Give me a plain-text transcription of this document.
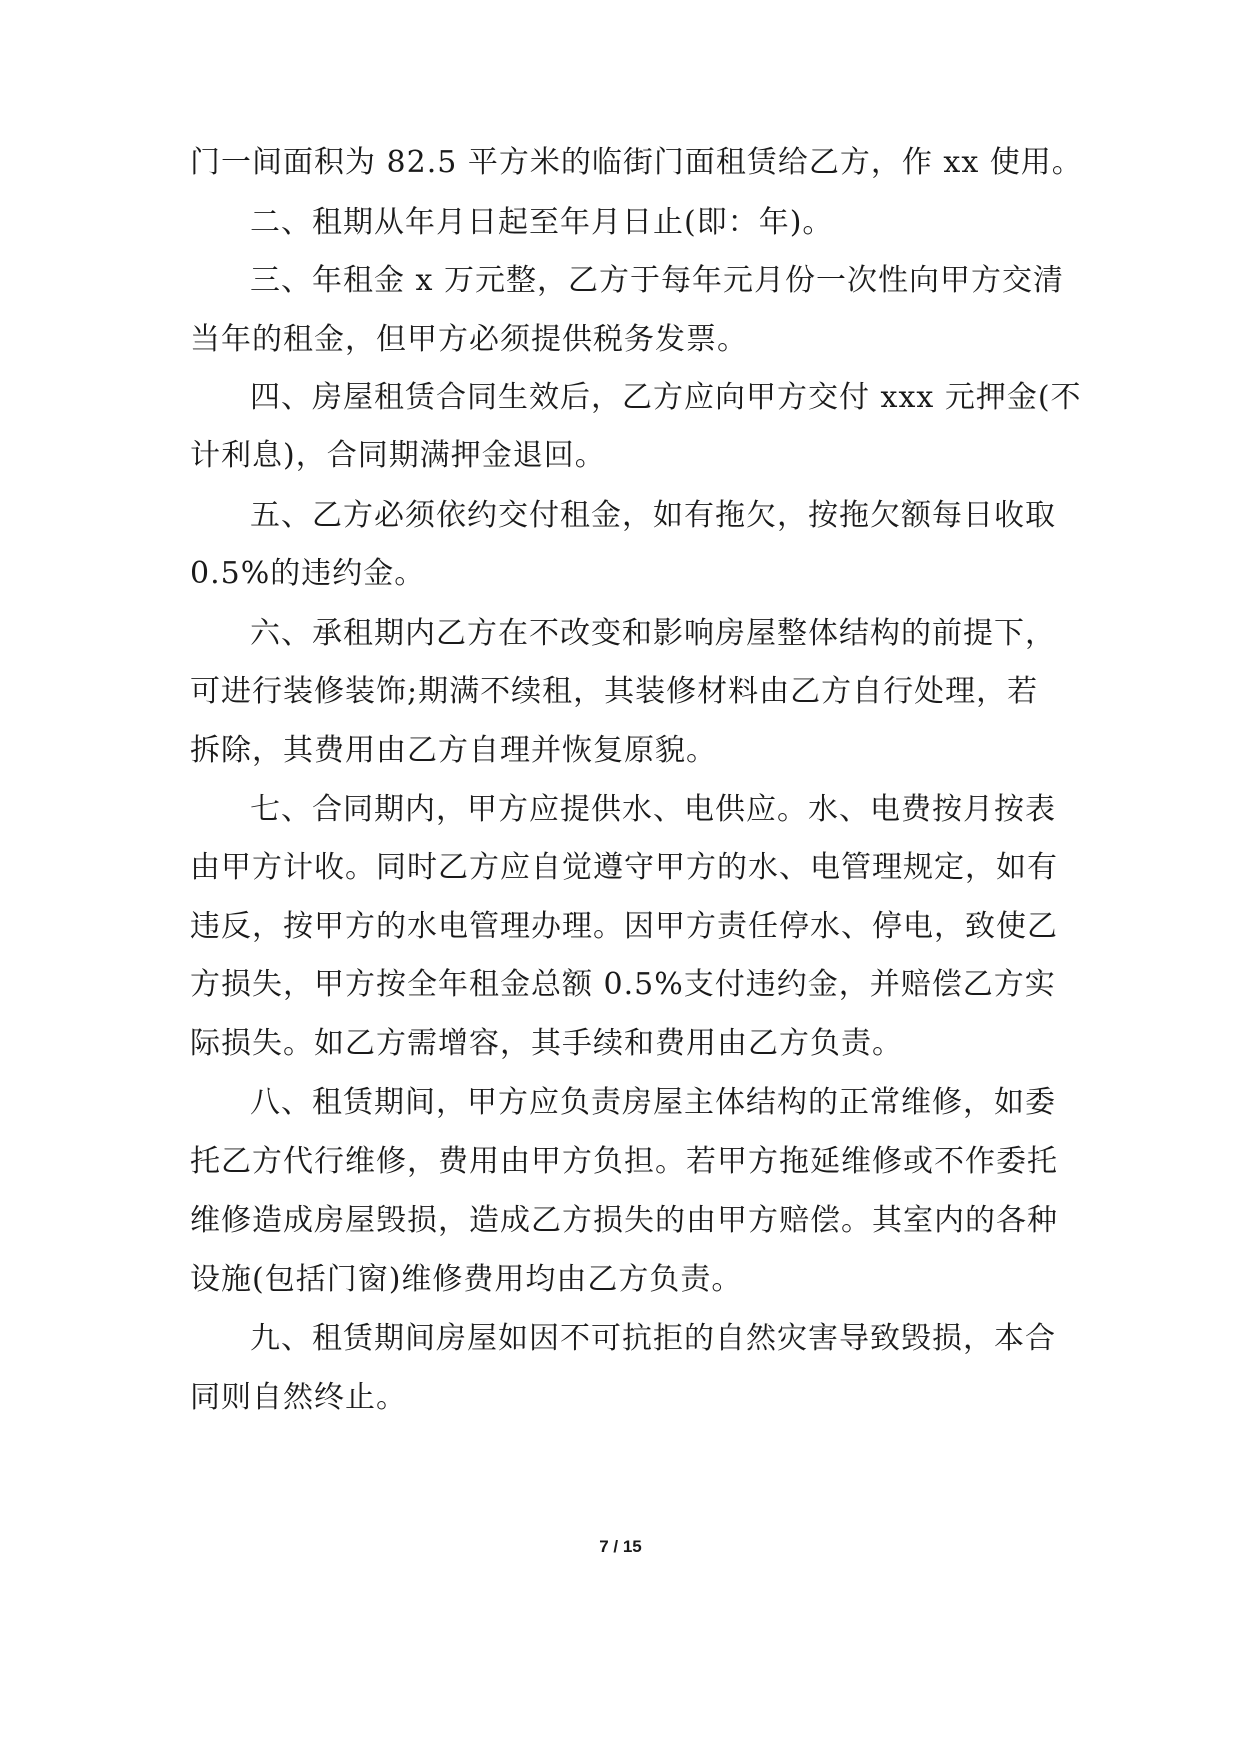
门一间面积为 82.5 平方米的临街门面租赁给乙方，作 xx 使用。
二、租期从年月日起至年月日止(即：年)。
三、年租金 x 万元整，乙方于每年元月份一次性向甲方交清
当年的租金，但甲方必须提供税务发票。
四、房屋租赁合同生效后，乙方应向甲方交付 xxx 元押金(不
计利息)，合同期满押金退回。
五、乙方必须依约交付租金，如有拖欠，按拖欠额每日收取
0.5%的违约金。
六、承租期内乙方在不改变和影响房屋整体结构的前提下，
可进行装修装饰;期满不续租，其装修材料由乙方自行处理，若
拆除，其费用由乙方自理并恢复原貌。
七、合同期内，甲方应提供水、电供应。水、电费按月按表
由甲方计收。同时乙方应自觉遵守甲方的水、电管理规定，如有
违反，按甲方的水电管理办理。因甲方责任停水、停电，致使乙
方损失，甲方按全年租金总额 0.5%支付违约金，并赔偿乙方实
际损失。如乙方需增容，其手续和费用由乙方负责。
八、租赁期间，甲方应负责房屋主体结构的正常维修，如委
托乙方代行维修，费用由甲方负担。若甲方拖延维修或不作委托
维修造成房屋毁损，造成乙方损失的由甲方赔偿。其室内的各种
设施(包括门窗)维修费用均由乙方负责。
九、租赁期间房屋如因不可抗拒的自然灾害导致毁损，本合
同则自然终止。
7 / 15
